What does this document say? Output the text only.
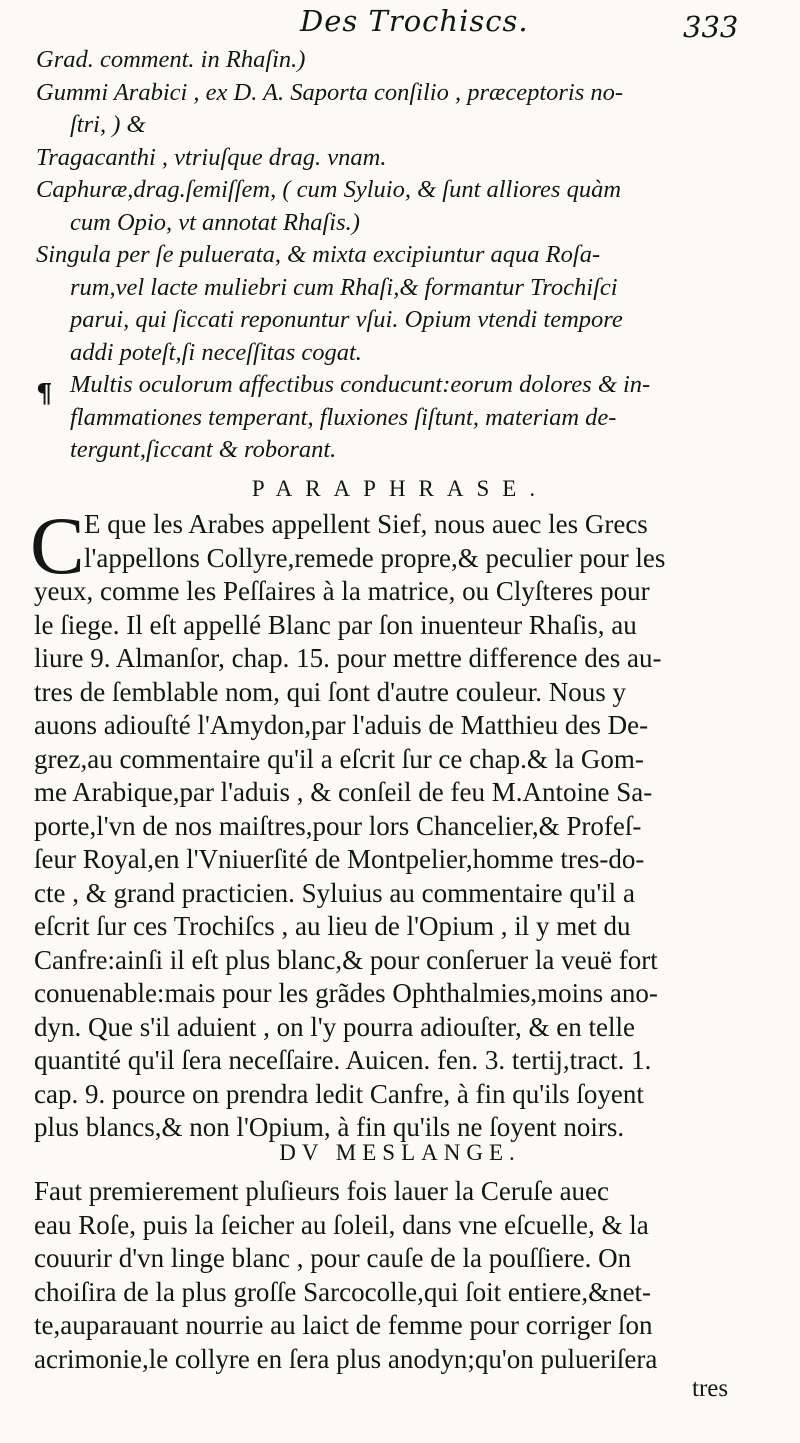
Des Trochiscs.	333
Grad. comment. in Rhaſin.)
Gummi Arabici , ex D. A. Saporta conſilio , præceptoris no-
ſtri, ) &
Tragacanthi , vtriuſque drag. vnam.
Caphuræ,drag.ſemiſſem, ( cum Syluio, & ſunt alliores quàm
cum Opio, vt annotat Rhaſis.)
Singula per ſe puluerata, & mixta excipiuntur aqua Roſa-
rum,vel lacte muliebri cum Rhaſi,& formantur Trochiſci
parui, qui ſiccati reponuntur vſui. Opium vtendi tempore
addi poteſt,ſi neceſſitas cogat.
Multis oculorum affectibus conducunt:eorum dolores & in-
flammationes temperant, fluxiones ſiſtunt, materiam de-
tergunt,ſiccant & roborant.
¶
PARAPHRASE.
C E que les Arabes appellent Sief, nous auec les Grecs
l'appellons Collyre,remede propre,& peculier pour les
yeux, comme les Peſſaires à la matrice, ou Clyſteres pour
le ſiege. Il eſt appellé Blanc par ſon inuenteur Rhaſis, au
liure 9. Almanſor, chap. 15. pour mettre difference des au-
tres de ſemblable nom, qui ſont d'autre couleur. Nous y
auons adiouſté l'Amydon,par l'aduis de Matthieu des De-
grez,au commentaire qu'il a eſcrit ſur ce chap.& la Gom-
me Arabique,par l'aduis , & conſeil de feu M.Antoine Sa-
porte,l'vn de nos maiſtres,pour lors Chancelier,& Profeſ-
ſeur Royal,en l'Vniuerſité de Montpelier,homme tres-do-
cte , & grand practicien. Syluius au commentaire qu'il a
eſcrit ſur ces Trochiſcs , au lieu de l'Opium , il y met du
Canfre:ainſi il eſt plus blanc,& pour conſeruer la veuë fort
conuenable:mais pour les grãdes Ophthalmies,moins ano-
dyn. Que s'il aduient , on l'y pourra adiouſter, & en telle
quantité qu'il ſera neceſſaire. Auicen. fen. 3. tertij,tract. 1.
cap. 9. pource on prendra ledit Canfre, à fin qu'ils ſoyent
plus blancs,& non l'Opium, à fin qu'ils ne ſoyent noirs.
DV MESLANGE.
Faut premierement pluſieurs fois lauer la Ceruſe auec
eau Roſe, puis la ſeicher au ſoleil, dans vne eſcuelle, & la
couurir d'vn linge blanc , pour cauſe de la pouſſiere. On
choiſira de la plus groſſe Sarcocolle,qui ſoit entiere,&net-
te,auparauant nourrie au laict de femme pour corriger ſon
acrimonie,le collyre en ſera plus anodyn;qu'on pulueriſera
tres
